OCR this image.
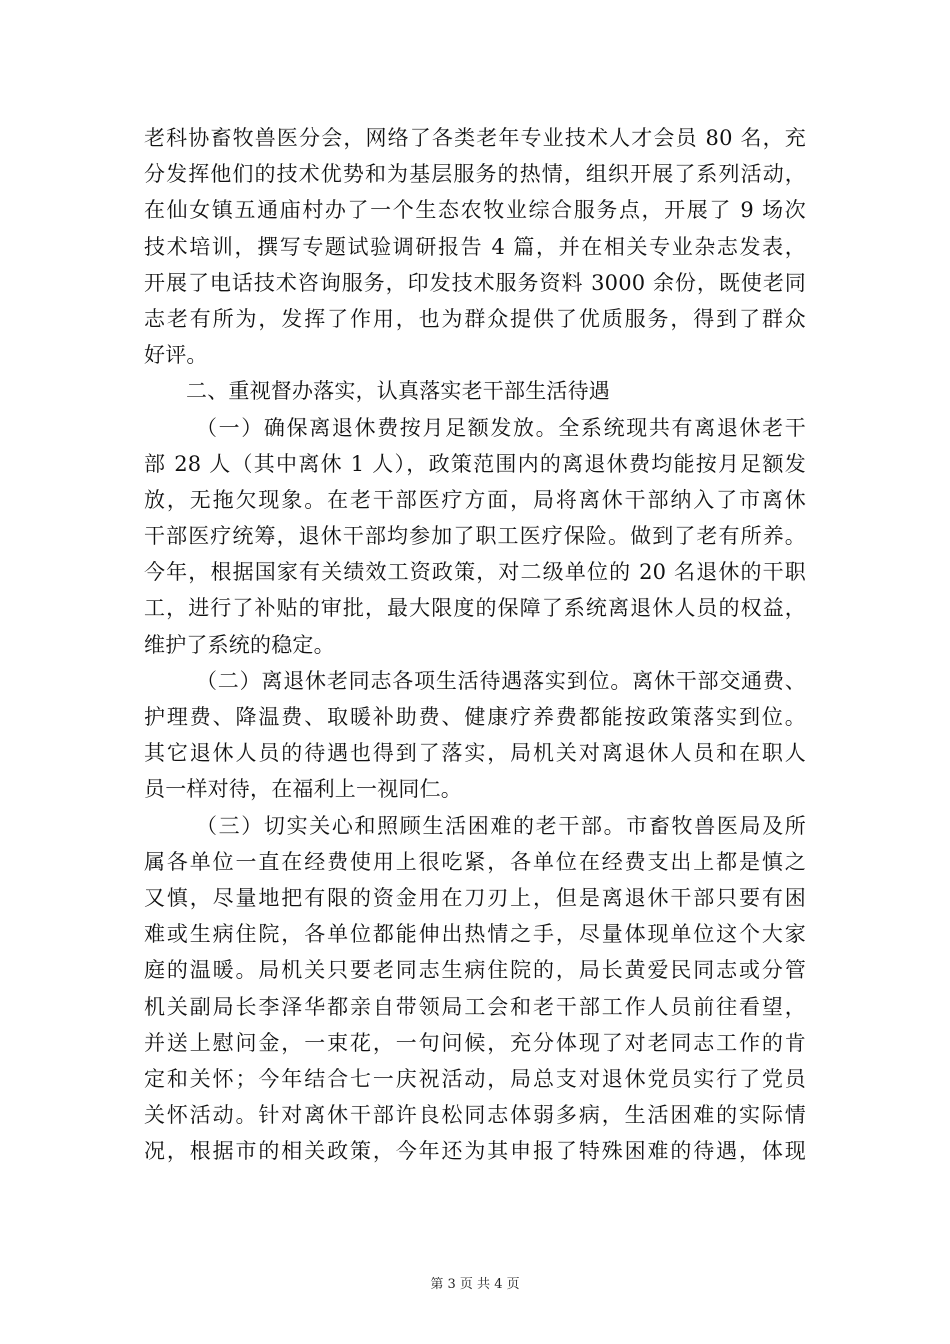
老科协畜牧兽医分会，网络了各类老年专业技术人才会员 80 名，充
分发挥他们的技术优势和为基层服务的热情，组织开展了系列活动，
在仙女镇五通庙村办了一个生态农牧业综合服务点，开展了 9 场次
技术培训，撰写专题试验调研报告 4 篇，并在相关专业杂志发表，
开展了电话技术咨询服务，印发技术服务资料 3000 余份，既使老同
志老有所为，发挥了作用，也为群众提供了优质服务，得到了群众
好评。
二、重视督办落实，认真落实老干部生活待遇
（一）确保离退休费按月足额发放。全系统现共有离退休老干
部 28 人（其中离休 1 人），政策范围内的离退休费均能按月足额发
放，无拖欠现象。在老干部医疗方面，局将离休干部纳入了市离休
干部医疗统筹，退休干部均参加了职工医疗保险。做到了老有所养。
今年，根据国家有关绩效工资政策，对二级单位的 20 名退休的干职
工，进行了补贴的审批，最大限度的保障了系统离退休人员的权益，
维护了系统的稳定。
（二）离退休老同志各项生活待遇落实到位。离休干部交通费、
护理费、降温费、取暖补助费、健康疗养费都能按政策落实到位。
其它退休人员的待遇也得到了落实，局机关对离退休人员和在职人
员一样对待，在福利上一视同仁。
（三）切实关心和照顾生活困难的老干部。市畜牧兽医局及所
属各单位一直在经费使用上很吃紧，各单位在经费支出上都是慎之
又慎，尽量地把有限的资金用在刀刃上，但是离退休干部只要有困
难或生病住院，各单位都能伸出热情之手，尽量体现单位这个大家
庭的温暖。局机关只要老同志生病住院的，局长黄爱民同志或分管
机关副局长李泽华都亲自带领局工会和老干部工作人员前往看望，
并送上慰问金，一束花，一句问候，充分体现了对老同志工作的肯
定和关怀；今年结合七一庆祝活动，局总支对退休党员实行了党员
关怀活动。针对离休干部许良松同志体弱多病，生活困难的实际情
况，根据市的相关政策，今年还为其申报了特殊困难的待遇，体现
第 3 页 共 4 页
